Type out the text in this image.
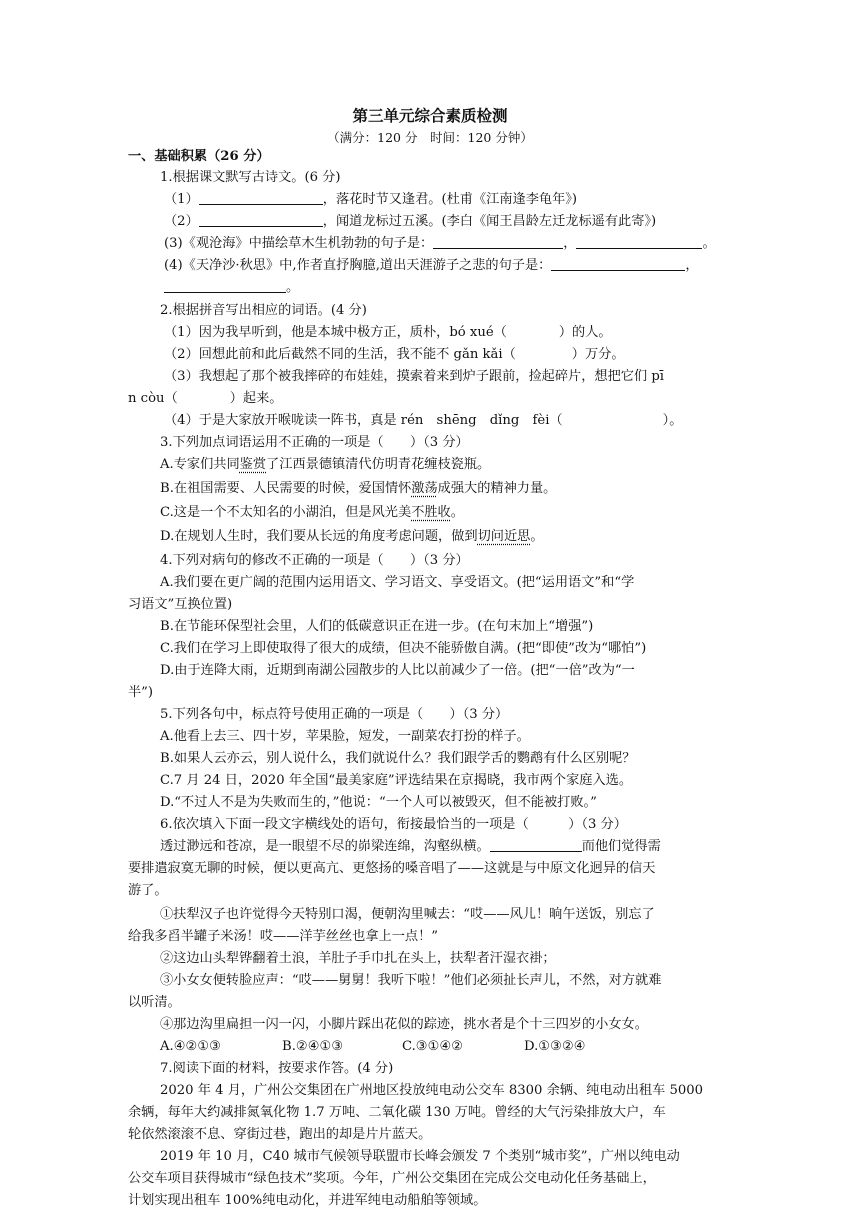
第三单元综合素质检测
（满分：120 分　时间：120 分钟）
一、基础积累（26 分）
1.根据课文默写古诗文。(6 分)
（1）	，落花时节又逢君。(杜甫《江南逢李龟年》)
（2）	，闻道龙标过五溪。(李白《闻王昌龄左迁龙标遥有此寄》)
(3)《观沧海》中描绘草木生机勃勃的句子是：	，	。
(4)《天净沙·秋思》中,作者直抒胸臆,道出天涯游子之悲的句子是：	，
。
2.根据拼音写出相应的词语。(4 分)
（1）因为我早听到，他是本城中极方正，质朴，bó xué（	）的人。
（2）回想此前和此后截然不同的生活，我不能不 gǎn kǎi（	）万分。
（3）我想起了那个被我摔碎的布娃娃，摸索着来到炉子跟前，捡起碎片，想把它们 pī
n còu（	）起来。
（4）于是大家放开喉咙读一阵书，真是 rén　shēng　dǐng　fèi（	）。
3.下列加点词语运用不正确的一项是（　　）（3 分）
A.专家们共同鉴赏了江西景德镇清代仿明青花缠枝瓷瓶。
B.在祖国需要、人民需要的时候，爱国情怀激荡成强大的精神力量。
C.这是一个不太知名的小湖泊，但是风光美不胜收。
D.在规划人生时，我们要从长远的角度考虑问题，做到切问近思。
4.下列对病句的修改不正确的一项是（　　）（3 分）
A.我们要在更广阔的范围内运用语文、学习语文、享受语文。(把“运用语文”和“学
习语文”互换位置)
B.在节能环保型社会里，人们的低碳意识正在进一步。(在句末加上“增强”)
C.我们在学习上即使取得了很大的成绩，但决不能骄傲自满。(把“即使”改为“哪怕”)
D.由于连降大雨，近期到南湖公园散步的人比以前减少了一倍。(把“一倍”改为“一
半”)
5.下列各句中，标点符号使用正确的一项是（　　）（3 分）
A.他看上去三、四十岁，苹果脸，短发，一副菜农打扮的样子。
B.如果人云亦云，别人说什么，我们就说什么？我们跟学舌的鹦鹉有什么区别呢？
C.7 月 24 日，2020 年全国“最美家庭”评选结果在京揭晓，我市两个家庭入选。
D.“不过人不是为失败而生的，”他说：“一个人可以被毁灭，但不能被打败。”
6.依次填入下面一段文字横线处的语句，衔接最恰当的一项是（　　　）（3 分）
透过渺远和苍凉，是一眼望不尽的峁梁连绵，沟壑纵横。	而他们觉得需
要排遣寂寞无聊的时候，便以更高亢、更悠扬的嗓音唱了——这就是与中原文化迥异的信天
游了。
①扶犁汉子也许觉得今天特别口渴，便朝沟里喊去：“哎——风儿！晌午送饭，别忘了
给我多舀半罐子米汤！哎——洋芋丝丝也拿上一点！”
②这边山头犁铧翻着土浪，羊肚子手巾扎在头上，扶犁者汗湿衣褂；
③小女女便转脸应声：“哎——舅舅！我听下啦！”他们必须扯长声儿，不然，对方就难
以听清。
④那边沟里扁担一闪一闪，小脚片踩出花似的踪迹，挑水者是个十三四岁的小女女。
A.④②①③	B.②④①③	C.③①④②	D.①③②④
7.阅读下面的材料，按要求作答。(4 分)
2020 年 4 月，广州公交集团在广州地区投放纯电动公交车 8300 余辆、纯电动出租车 5000
余辆，每年大约减排氮氧化物 1.7 万吨、二氧化碳 130 万吨。曾经的大气污染排放大户，车
轮依然滚滚不息、穿街过巷，跑出的却是片片蓝天。
2019 年 10 月，C40 城市气候领导联盟市长峰会颁发 7 个类别“城市奖”，广州以纯电动
公交车项目获得城市“绿色技术”奖项。今年，广州公交集团在完成公交电动化任务基础上，
计划实现出租车 100%纯电动化，并进军纯电动船舶等领域。
